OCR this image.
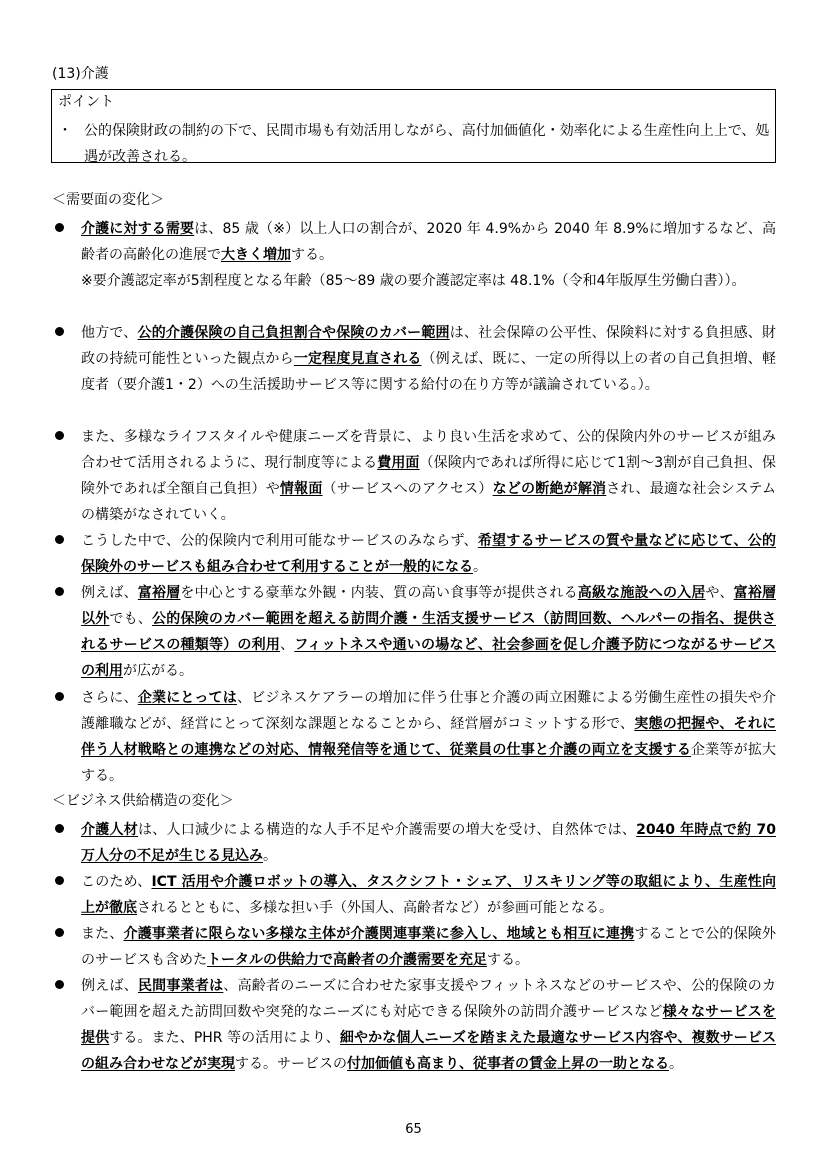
(13)介護
ポイント
・ 公的保険財政の制約の下で、民間市場も有効活用しながら、高付加価値化・効率化による生産性向上上で、処遇が改善される。

＜需要面の変化＞

介護に対する需要は、85 歳（※）以上人口の割合が、2020 年 4.9%から 2040 年 8.9%に増加するなど、高齢者の高齢化の進展で大きく増加する。

※要介護認定率が5割程度となる年齢（85～89 歳の要介護認定率は 48.1%（令和4年版厚生労働白書））。

他方で、公的介護保険の自己負担割合や保険のカバー範囲は、社会保障の公平性、保険料に対する負担感、財政の持続可能性といった観点から一定程度見直される（例えば、既に、一定の所得以上の者の自己負担増、軽度者（要介護1・2）への生活援助サービス等に関する給付の在り方等が議論されている。）。

また、多様なライフスタイルや健康ニーズを背景に、より良い生活を求めて、公的保険内外のサービスが組み合わせて活用されるように、現行制度等による費用面（保険内であれば所得に応じて1割～3割が自己負担、保険外であれば全額自己負担）や情報面（サービスへのアクセス）などの断絶が解消され、最適な社会システムの構築がなされていく。

こうした中で、公的保険内で利用可能なサービスのみならず、希望するサービスの質や量などに応じて、公的保険外のサービスも組み合わせて利用することが一般的になる。

例えば、富裕層を中心とする豪華な外観・内装、質の高い食事等が提供される高級な施設への入居や、富裕層以外でも、公的保険のカバー範囲を超える訪問介護・生活支援サービス（訪問回数、ヘルパーの指名、提供されるサービスの種類等）の利用、フィットネスや通いの場など、社会参画を促し介護予防につながるサービスの利用が広がる。

さらに、企業にとっては、ビジネスケアラーの増加に伴う仕事と介護の両立困難による労働生産性の損失や介護離職などが、経営にとって深刻な課題となることから、経営層がコミットする形で、実態の把握や、それに伴う人材戦略との連携などの対応、情報発信等を通じて、従業員の仕事と介護の両立を支援する企業等が拡大する。

＜ビジネス供給構造の変化＞

介護人材は、人口減少による構造的な人手不足や介護需要の増大を受け、自然体では、2040 年時点で約 70 万人分の不足が生じる見込み。

このため、ICT 活用や介護ロボットの導入、タスクシフト・シェア、リスキリング等の取組により、生産性向上が徹底されるとともに、多様な担い手（外国人、高齢者など）が参画可能となる。

また、介護事業者に限らない多様な主体が介護関連事業に参入し、地域とも相互に連携することで公的保険外のサービスも含めたトータルの供給力で高齢者の介護需要を充足する。

例えば、民間事業者は、高齢者のニーズに合わせた家事支援やフィットネスなどのサービスや、公的保険のカバー範囲を超えた訪問回数や突発的なニーズにも対応できる保険外の訪問介護サービスなど様々なサービスを提供する。また、PHR 等の活用により、細やかな個人ニーズを踏まえた最適なサービス内容や、複数サービスの組み合わせなどが実現する。サービスの付加価値も高まり、従事者の賃金上昇の一助となる。

65
